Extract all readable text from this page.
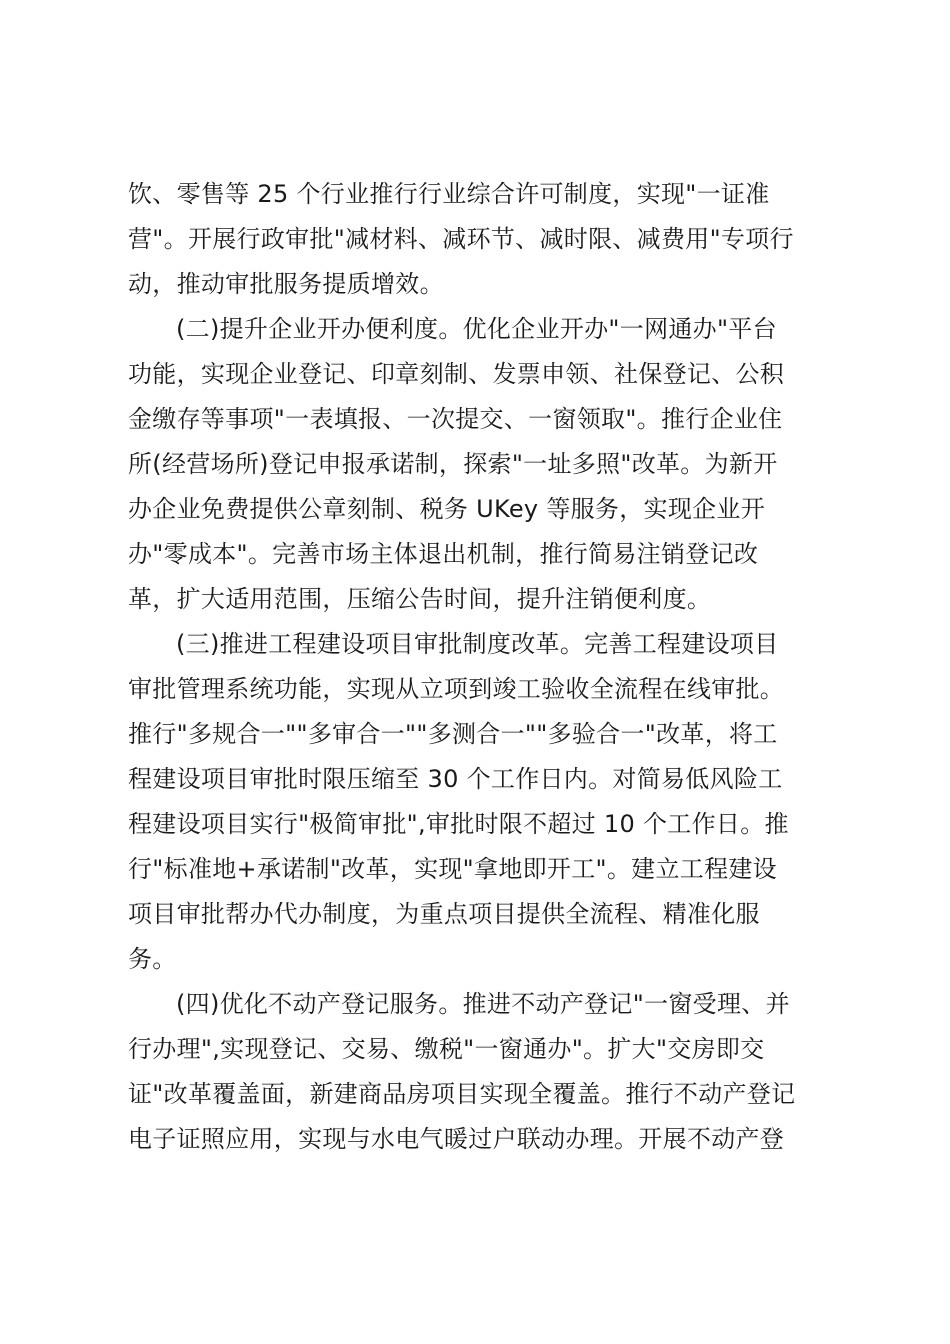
饮、零售等 25 个行业推行行业综合许可制度，实现"一证准
营"。开展行政审批"减材料、减环节、减时限、减费用"专项行
动，推动审批服务提质增效。
(二)提升企业开办便利度。优化企业开办"一网通办"平台
功能，实现企业登记、印章刻制、发票申领、社保登记、公积
金缴存等事项"一表填报、一次提交、一窗领取"。推行企业住
所(经营场所)登记申报承诺制，探索"一址多照"改革。为新开
办企业免费提供公章刻制、税务 UKey 等服务，实现企业开
办"零成本"。完善市场主体退出机制，推行简易注销登记改
革，扩大适用范围，压缩公告时间，提升注销便利度。
(三)推进工程建设项目审批制度改革。完善工程建设项目
审批管理系统功能，实现从立项到竣工验收全流程在线审批。
推行"多规合一""多审合一""多测合一""多验合一"改革，将工
程建设项目审批时限压缩至 30 个工作日内。对简易低风险工
程建设项目实行"极简审批",审批时限不超过 10 个工作日。推
行"标准地+承诺制"改革，实现"拿地即开工"。建立工程建设
项目审批帮办代办制度，为重点项目提供全流程、精准化服
务。
(四)优化不动产登记服务。推进不动产登记"一窗受理、并
行办理",实现登记、交易、缴税"一窗通办"。扩大"交房即交
证"改革覆盖面，新建商品房项目实现全覆盖。推行不动产登记
电子证照应用，实现与水电气暖过户联动办理。开展不动产登
